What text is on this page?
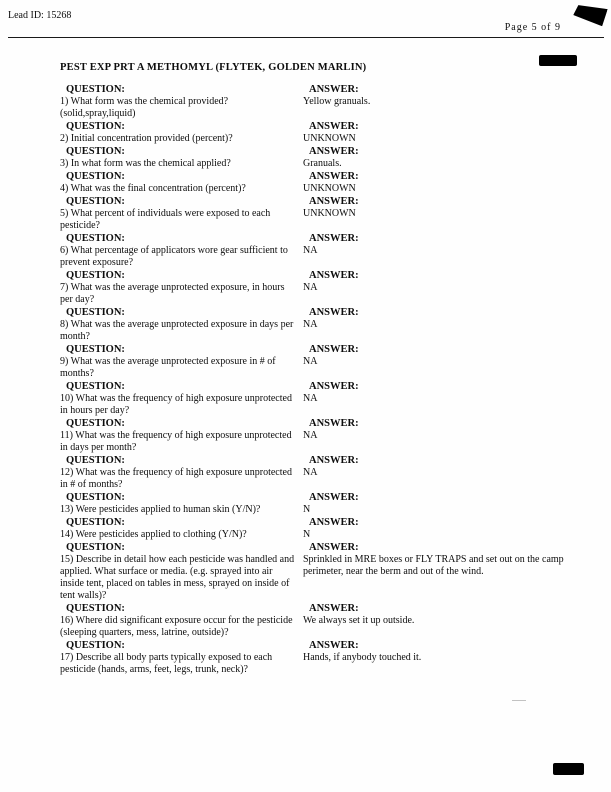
Lead ID: 15268
Page 5 of 9
PEST EXP PRT A METHOMYL (FLYTEK, GOLDEN MARLIN)
QUESTION:
1) What form was the chemical provided?(solid,spray,liquid)
ANSWER:
Yellow granuals.
QUESTION:
2) Initial concentration provided (percent)?
ANSWER:
UNKNOWN
QUESTION:
3) In what form was the chemical applied?
ANSWER:
Granuals.
QUESTION:
4) What was the final concentration (percent)?
ANSWER:
UNKNOWN
QUESTION:
5) What percent of individuals were exposed to each pesticide?
ANSWER:
UNKNOWN
QUESTION:
6) What percentage of applicators wore gear sufficient to prevent exposure?
ANSWER:
NA
QUESTION:
7) What was the average unprotected exposure, in hours per day?
ANSWER:
NA
QUESTION:
8) What was the average unprotected exposure in days per month?
ANSWER:
NA
QUESTION:
9) What was the average unprotected exposure in # of months?
ANSWER:
NA
QUESTION:
10) What was the frequency of high exposure unprotected in hours per day?
ANSWER:
NA
QUESTION:
11) What was the frequency of high exposure unprotected in days per month?
ANSWER:
NA
QUESTION:
12) What was the frequency of high exposure unprotected in # of months?
ANSWER:
NA
QUESTION:
13) Were pesticides applied to human skin (Y/N)?
ANSWER:
N
QUESTION:
14) Were pesticides applied to clothing (Y/N)?
ANSWER:
N
QUESTION:
15) Describe in detail how each pesticide was handled and applied. What surface or media. (e.g. sprayed into air inside tent, placed on tables in mess, sprayed on inside of tent walls)?
ANSWER:
Sprinkled in MRE boxes or FLY TRAPS and set out on the camp perimeter, near the berm and out of the wind.
QUESTION:
16) Where did significant exposure occur for the pesticide (sleeping quarters, mess, latrine, outside)?
ANSWER:
We always set it up outside.
QUESTION:
17) Describe all body parts typically exposed to each pesticide (hands, arms, feet, legs, trunk, neck)?
ANSWER:
Hands, if anybody touched it.
